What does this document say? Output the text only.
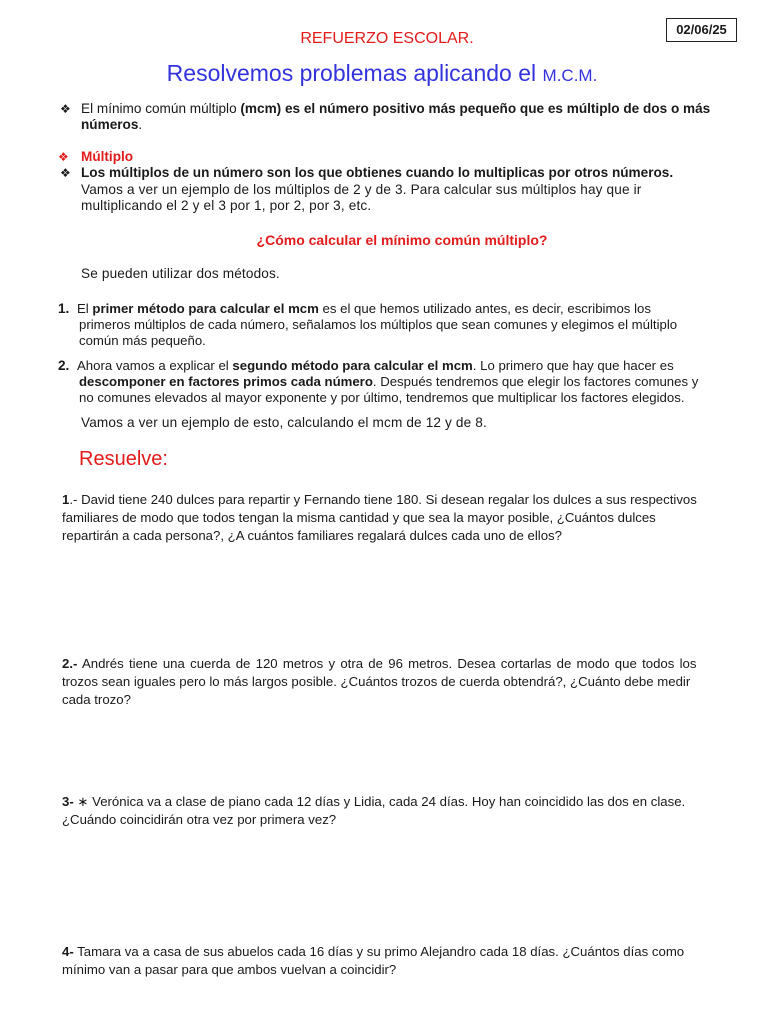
02/06/25
REFUERZO ESCOLAR.
Resolvemos problemas aplicando el M.C.M.
❖ El mínimo común múltiplo (mcm) es el número positivo más pequeño que es múltiplo de dos o más números.
❖ Múltiplo
❖ Los múltiplos de un número son los que obtienes cuando lo multiplicas por otros números.
Vamos a ver un ejemplo de los múltiplos de 2 y de 3. Para calcular sus múltiplos hay que ir
multiplicando el 2 y el 3 por 1, por 2, por 3, etc.
¿Cómo calcular el mínimo común múltiplo?
Se pueden utilizar dos métodos.
1. El primer método para calcular el mcm es el que hemos utilizado antes, es decir, escribimos los
primeros múltiplos de cada número, señalamos los múltiplos que sean comunes y elegimos el múltiplo
común más pequeño.
2. Ahora vamos a explicar el segundo método para calcular el mcm. Lo primero que hay que hacer es
descomponer en factores primos cada número. Después tendremos que elegir los factores comunes y
no comunes elevados al mayor exponente y por último, tendremos que multiplicar los factores elegidos.
Vamos a ver un ejemplo de esto, calculando el mcm de 12 y de 8.
Resuelve:
1.- David tiene 240 dulces para repartir y Fernando tiene 180. Si desean regalar los dulces a sus respectivos
familiares de modo que todos tengan la misma cantidad y que sea la mayor posible, ¿Cuántos dulces
repartirán a cada persona?, ¿A cuántos familiares regalará dulces cada uno de ellos?
2.- Andrés tiene una cuerda de 120 metros y otra de 96 metros. Desea cortarlas de modo que todos los
trozos sean iguales pero lo más largos posible. ¿Cuántos trozos de cuerda obtendrá?, ¿Cuánto debe medir
cada trozo?
3- ∗ Verónica va a clase de piano cada 12 días y Lidia, cada 24 días. Hoy han coincidido las dos en clase.
¿Cuándo coincidirán otra vez por primera vez?
4- Tamara va a casa de sus abuelos cada 16 días y su primo Alejandro cada 18 días. ¿Cuántos días como
mínimo van a pasar para que ambos vuelvan a coincidir?
